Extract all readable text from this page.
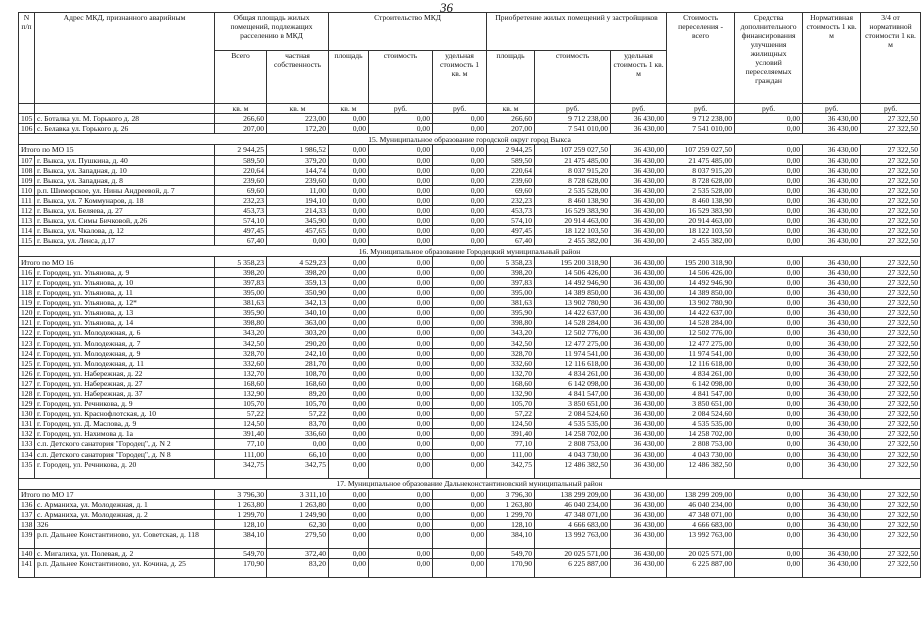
36
N п/п	Адрес МКД, признанного аварийным	Общая площадь жилых помещений, подлежащих расселению в МКД		Строительство МКД			Приобретение жилых помещений у застройщиков			Стоимость переселения - всего	Средства дополнительного финансирования улучшения жилищных условий переселяемых граждан	Нормативная стоимость 1 кв. м	3/4 от нормативной стоимости 1 кв. м
		Всего	частная собственность	площадь	стоимость	удельная стоимость 1 кв. м	площадь	стоимость	удельная стоимость 1 кв. м				
		кв. м	кв. м	кв. м	руб.	руб.	кв. м	руб.	руб.	руб.	руб.	руб.	руб.
105	с. Боталка ул. М. Горького д. 28	266,60	223,00	0,00	0,00	0,00	266,60	9 712 238,00	36 430,00	9 712 238,00	0,00	36 430,00	27 322,50
106	с. Белавка ул. Горького д. 26	207,00	172,20	0,00	0,00	0,00	207,00	7 541 010,00	36 430,00	7 541 010,00	0,00	36 430,00	27 322,50
15. Муниципальное образование городской округ город Выкса													
Итого по МО 15		2 944,25	1 986,52	0,00	0,00	0,00	2 944,25	107 259 027,50	36 430,00	107 259 027,50	0,00	36 430,00	27 322,50
107	г. Выкса, ул. Пушкина, д. 40	589,50	379,20	0,00	0,00	0,00	589,50	21 475 485,00	36 430,00	21 475 485,00	0,00	36 430,00	27 322,50
108	г. Выкса, ул. Западная, д. 10	220,64	144,74	0,00	0,00	0,00	220,64	8 037 915,20	36 430,00	8 037 915,20	0,00	36 430,00	27 322,50
109	г. Выкса, ул. Западная, д. 8	239,60	239,60	0,00	0,00	0,00	239,60	8 728 628,00	36 430,00	8 728 628,00	0,00	36 430,00	27 322,50
110	р.п. Шиморское, ул. Нины Андреевой, д. 7	69,60	11,00	0,00	0,00	0,00	69,60	2 535 528,00	36 430,00	2 535 528,00	0,00	36 430,00	27 322,50
111	г. Выкса, ул. 7 Коммунаров, д. 18	232,23	194,10	0,00	0,00	0,00	232,23	8 460 138,90	36 430,00	8 460 138,90	0,00	36 430,00	27 322,50
112	г. Выкса, ул. Беляева, д. 27	453,73	214,33	0,00	0,00	0,00	453,73	16 529 383,90	36 430,00	16 529 383,90	0,00	36 430,00	27 322,50
113	г. Выкса, ул. Симы Бичковой, д.26	574,10	345,90	0,00	0,00	0,00	574,10	20 914 463,00	36 430,00	20 914 463,00	0,00	36 430,00	27 322,50
114	г. Выкса, ул. Чкалова, д. 12	497,45	457,65	0,00	0,00	0,00	497,45	18 122 103,50	36 430,00	18 122 103,50	0,00	36 430,00	27 322,50
115	г. Выкса, ул. Ленса, д.17	67,40	0,00	0,00	0,00	0,00	67,40	2 455 382,00	36 430,00	2 455 382,00	0,00	36 430,00	27 322,50
16. Муниципальное образование Городецкий муниципальный район													
Итого по МО 16		5 358,23	4 529,23	0,00	0,00	0,00	5 358,23	195 200 318,90	36 430,00	195 200 318,90	0,00	36 430,00	27 322,50
116	г. Городец, ул. Ульянова, д. 9	398,20	398,20	0,00	0,00	0,00	398,20	14 506 426,00	36 430,00	14 506 426,00	0,00	36 430,00	27 322,50
117	г. Городец, ул. Ульянова, д. 10	397,83	359,13	0,00	0,00	0,00	397,83	14 492 946,90	36 430,00	14 492 946,90	0,00	36 430,00	27 322,50
118	г. Городец, ул. Ульянова, д. 11	395,00	350,90	0,00	0,00	0,00	395,00	14 389 850,00	36 430,00	14 389 850,00	0,00	36 430,00	27 322,50
119	г. Городец, ул. Ульянова, д. 12*	381,63	342,13	0,00	0,00	0,00	381,63	13 902 780,90	36 430,00	13 902 780,90	0,00	36 430,00	27 322,50
120	г. Городец, ул. Ульянова, д. 13	395,90	340,10	0,00	0,00	0,00	395,90	14 422 637,00	36 430,00	14 422 637,00	0,00	36 430,00	27 322,50
121	г. Городец, ул. Ульянова, д. 14	398,80	363,00	0,00	0,00	0,00	398,80	14 528 284,00	36 430,00	14 528 284,00	0,00	36 430,00	27 322,50
122	г. Городец, ул. Молодежная, д. 6	343,20	303,20	0,00	0,00	0,00	343,20	12 502 776,00	36 430,00	12 502 776,00	0,00	36 430,00	27 322,50
123	г. Городец, ул. Молодежная, д. 7	342,50	290,20	0,00	0,00	0,00	342,50	12 477 275,00	36 430,00	12 477 275,00	0,00	36 430,00	27 322,50
124	г. Городец, ул. Молодежная, д. 9	328,70	242,10	0,00	0,00	0,00	328,70	11 974 541,00	36 430,00	11 974 541,00	0,00	36 430,00	27 322,50
125	г. Городец, ул. Молодежная, д. 11	332,60	281,70	0,00	0,00	0,00	332,60	12 116 618,00	36 430,00	12 116 618,00	0,00	36 430,00	27 322,50
126	г. Городец, ул. Набережная, д. 22	132,70	108,70	0,00	0,00	0,00	132,70	4 834 261,00	36 430,00	4 834 261,00	0,00	36 430,00	27 322,50
127	г. Городец, ул. Набережная, д. 27	168,60	168,60	0,00	0,00	0,00	168,60	6 142 098,00	36 430,00	6 142 098,00	0,00	36 430,00	27 322,50
128	г. Городец, ул. Набережная, д. 37	132,90	89,20	0,00	0,00	0,00	132,90	4 841 547,00	36 430,00	4 841 547,00	0,00	36 430,00	27 322,50
129	г. Городец, ул. Речникова, д. 9	105,70	105,70	0,00	0,00	0,00	105,70	3 850 651,00	36 430,00	3 850 651,00	0,00	36 430,00	27 322,50
130	г. Городец, ул. Краснофлотская, д. 10	57,22	57,22	0,00	0,00	0,00	57,22	2 084 524,60	36 430,00	2 084 524,60	0,00	36 430,00	27 322,50
131	г. Городец, ул. Д. Маслова, д. 9	124,50	83,70	0,00	0,00	0,00	124,50	4 535 535,00	36 430,00	4 535 535,00	0,00	36 430,00	27 322,50
132	г. Городец, ул. Нахимова д. 1а	391,40	336,60	0,00	0,00	0,00	391,40	14 258 702,00	36 430,00	14 258 702,00	0,00	36 430,00	27 322,50
133	с.п. Детского санатория "Городец", д. N 2	77,10	0,00	0,00	0,00	0,00	77,10	2 808 753,00	36 430,00	2 808 753,00	0,00	36 430,00	27 322,50
134	с.п. Детского санатория "Городец", д. N 8	111,00	66,10	0,00	0,00	0,00	111,00	4 043 730,00	36 430,00	4 043 730,00	0,00	36 430,00	27 322,50
135	г. Городец, ул. Речникова, д. 20	342,75	342,75	0,00	0,00	0,00	342,75	12 486 382,50	36 430,00	12 486 382,50	0,00	36 430,00	27 322,50
17. Муниципальное образование Дальнеконстантиновский муниципальный район													
Итого по МО 17		3 796,30	3 311,10	0,00	0,00	0,00	3 796,30	138 299 209,00	36 430,00	138 299 209,00	0,00	36 430,00	27 322,50
136	с. Арманиха, ул. Молодежная, д. 1	1 263,80	1 263,80	0,00	0,00	0,00	1 263,80	46 040 234,00	36 430,00	46 040 234,00	0,00	36 430,00	27 322,50
137	с. Арманиха, ул. Молодежная, д. 2	1 299,70	1 249,90	0,00	0,00	0,00	1 299,70	47 348 071,00	36 430,00	47 348 071,00	0,00	36 430,00	27 322,50
138	326	128,10	62,30	0,00	0,00	0,00	128,10	4 666 683,00	36 430,00	4 666 683,00	0,00	36 430,00	27 322,50
139	р.п. Дальнее Константиново, ул. Советская, д. 118	384,10	279,50	0,00	0,00	0,00	384,10	13 992 763,00	36 430,00	13 992 763,00	0,00	36 430,00	27 322,50
140	с. Мигалиха, ул. Полевая, д. 2	549,70	372,40	0,00	0,00	0,00	549,70	20 025 571,00	36 430,00	20 025 571,00	0,00	36 430,00	27 322,50
141	р.п. Дальнее Константиново, ул. Кочина, д. 25	170,90	83,20	0,00	0,00	0,00	170,90	6 225 887,00	36 430,00	6 225 887,00	0,00	36 430,00	27 322,50
